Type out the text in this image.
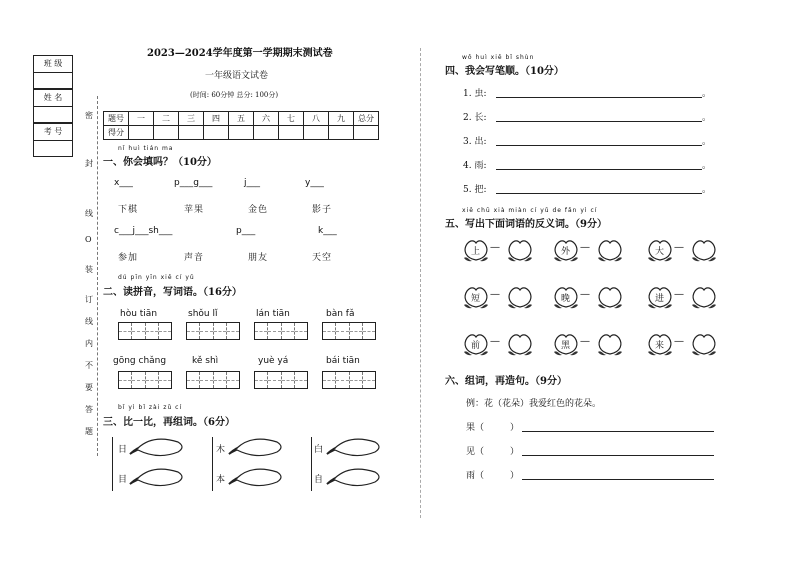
班 级
姓 名
考 号
密
封
线
O
装
订
线
内
不
要
答
题
2023—2024学年度第一学期期末测试卷
一年级语文试卷
(时间: 60分钟 总分: 100分)
题号	一	二	三	四	五	六	七	八	九	总分
得分										
nǐ huì tián ma
一、你会填吗？（10分）
x___	p___g___	j___	y___
下棋	苹果	金色	影子
c___j___sh___	p___	k___
参加	声音	朋友	天空
dú pīn yīn xiě cí yǔ
二、读拼音，写词语。（16分）
hòu tiān	shǒu lǐ	lán tiān	bàn fǎ
gōng chǎng	kě shì	yuè yá	bái tiān
bǐ yì bǐ zài zǔ cí
三、比一比，再组词。（6分）
日	木	白
目	本	自
wǒ huì xiě bǐ shùn
四、我会写笔顺。（10分）
1. 虫:	。
2. 长:	。
3. 出:	。
4. 雨:	。
5. 把:	。
xiě chū xià miàn cí yǔ de fǎn yì cí
五、写出下面词语的反义词。（9分）
上 —	外 —	大 —
短 —	晚 —	进 —
前 —	黑 —	来 —
六、组词，再造句。（9分）
例：花（花朵）我爱红色的花朵。
果（	）
见（	）
雨（	）
